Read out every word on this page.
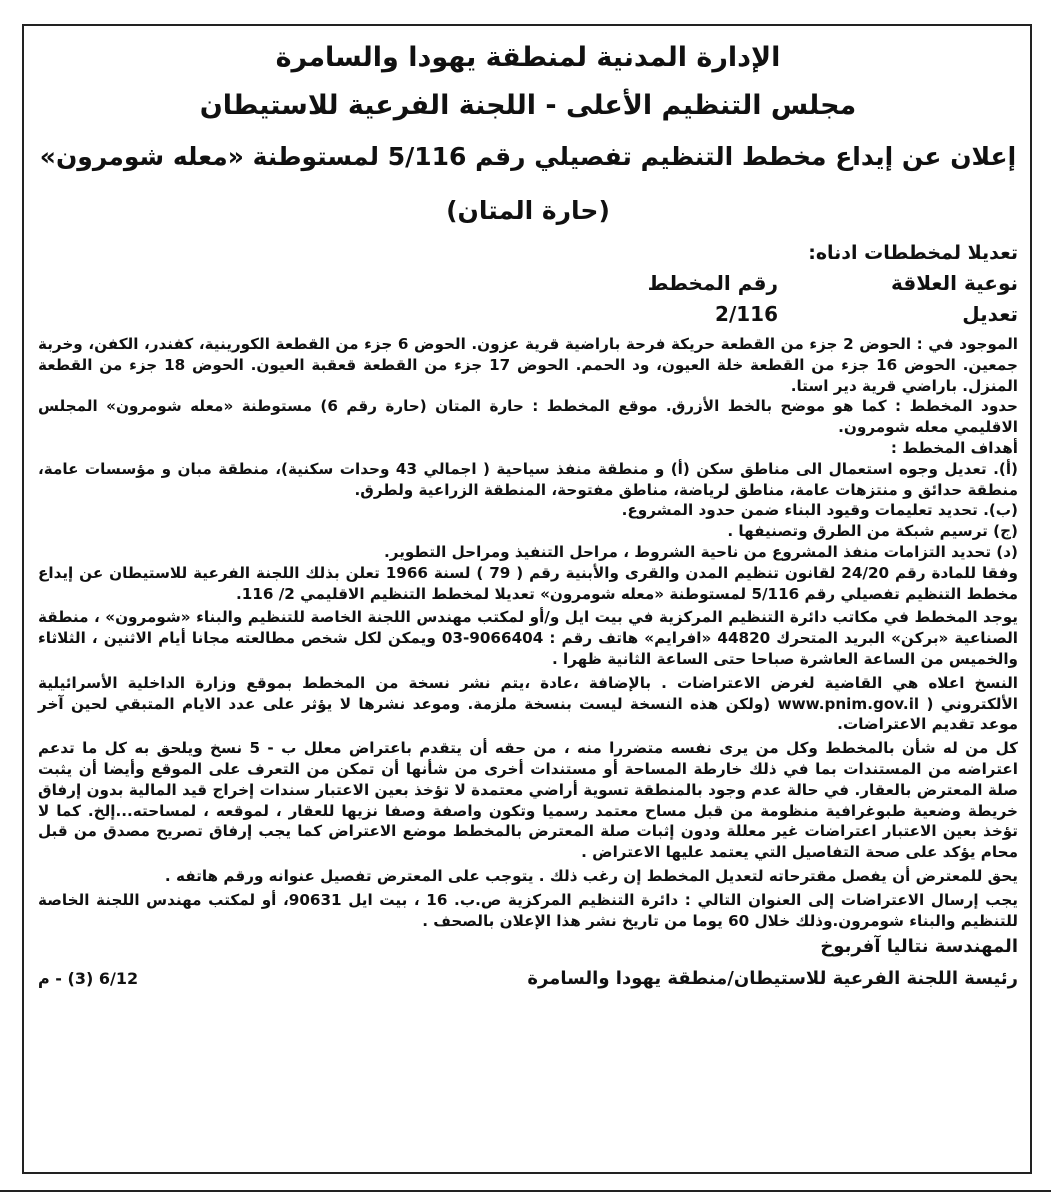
الإدارة المدنية لمنطقة يهودا والسامرة

مجلس التنظيم الأعلى - اللجنة الفرعية للاستيطان

إعلان عن إيداع مخطط التنظيم تفصيلي رقم 5/116 لمستوطنة «معله شومرون» (حارة المتان)

تعديلا لمخططات ادناه:

نوعية العلاقة
تعديل
رقم المخطط
2/116

الموجود في : الحوض 2 جزء من القطعة حريكة فرحة باراضية قرية عزون. الحوض 6 جزء من القطعة الكورينية، كفندر، الكفن، وخربة جمعين. الحوض 16 جزء من القطعة خلة العيون، ود الحمم. الحوض 17 جزء من القطعة قعقبة العيون. الحوض 18 جزء من القطعة المنزل. باراضي قرية دير استا.

حدود المخطط : كما هو موضح بالخط الأزرق. موقع المخطط : حارة المتان (حارة رقم 6) مستوطنة «معله شومرون» المجلس الاقليمي معله شومرون.

أهداف المخطط :

(أ). تعديل وجوه استعمال الى مناطق سكن (أ) و منطقة منفذ سياحية ( اجمالي 43 وحدات سكنية)، منطقة مبان و مؤسسات عامة، منطقة حدائق و منتزهات عامة، مناطق لرياضة، مناطق مفتوحة، المنطقة الزراعية ولطرق.

(ب). تحديد تعليمات وقيود البناء ضمن حدود المشروع.

(ج) ترسيم شبكة من الطرق وتصنيفها .

(د) تحديد التزامات منفذ المشروع من ناحية الشروط ، مراحل التنفيذ ومراحل التطوير.

وفقا للمادة رقم 24/20 لقانون تنظيم المدن والقرى والأبنية رقم ( 79 ) لسنة 1966 تعلن بذلك اللجنة الفرعية للاستيطان عن إيداع مخطط التنظيم تفصيلي رقم 5/116 لمستوطنة «معله شومرون» تعديلا لمخطط التنظيم الاقليمي 2/ 116.

يوجد المخطط في مكاتب دائرة التنظيم المركزية في بيت ايل و/أو لمكتب مهندس اللجنة الخاصة للتنظيم والبناء «شومرون» ، منطقة الصناعية «بركن» البريد المتحرك 44820 «افرايم» هاتف رقم : 9066404-03 ويمكن لكل شخص مطالعته مجانا أيام الاثنين ، الثلاثاء والخميس من الساعة العاشرة صباحا حتى الساعة الثانية ظهرا .

النسخ اعلاه هي القاضية لغرض الاعتراضات . بالإضافة ،عادة ،يتم نشر نسخة من المخطط بموقع وزارة الداخلية الأسرائيلية الألكتروني ( www.pnim.gov.il (ولكن هذه النسخة ليست بنسخة ملزمة. وموعد نشرها لا يؤثر على عدد الايام المتبقي لحين آخر موعد تقديم الاعتراضات.

كل من له شأن بالمخطط وكل من يرى نفسه متضررا منه ، من حقه أن يتقدم باعتراض معلل ب - 5 نسخ ويلحق به كل ما تدعم اعتراضه من المستندات بما في ذلك خارطة المساحة أو مستندات أخرى من شأنها أن تمكن من التعرف على الموقع وأيضا أن يثبت صلة المعترض بالعقار. في حالة عدم وجود بالمنطقة تسوية أراضي معتمدة لا تؤخذ بعين الاعتبار سندات إخراج قيد المالية بدون إرفاق خريطة وضعية طبوغرافية منظومة من قبل مساح معتمد رسميا وتكون واصفة وصفا نزيها للعقار ، لموقعه ، لمساحته...إلخ. كما لا تؤخذ بعين الاعتبار اعتراضات غير معللة ودون إثبات صلة المعترض بالمخطط موضع الاعتراض كما يجب إرفاق تصريح مصدق من قبل محام يؤكد على صحة التفاصيل التي يعتمد عليها الاعتراض .

يحق للمعترض أن يفصل مقترحاته لتعديل المخطط إن رغب ذلك . يتوجب على المعترض تفصيل عنوانه ورقم هاتفه .

يجب إرسال الاعتراضات إلى العنوان التالي : دائرة التنظيم المركزية ص.ب. 16 ، بيت ايل 90631، أو لمكتب مهندس اللجنة الخاصة للتنظيم والبناء شومرون.وذلك خلال 60 يوما من تاريخ نشر هذا الإعلان بالصحف .

المهندسة نتاليا آفربوخ

رئيسة اللجنة الفرعية للاستيطان/منطقة يهودا والسامرة
6/12 (3) - م
